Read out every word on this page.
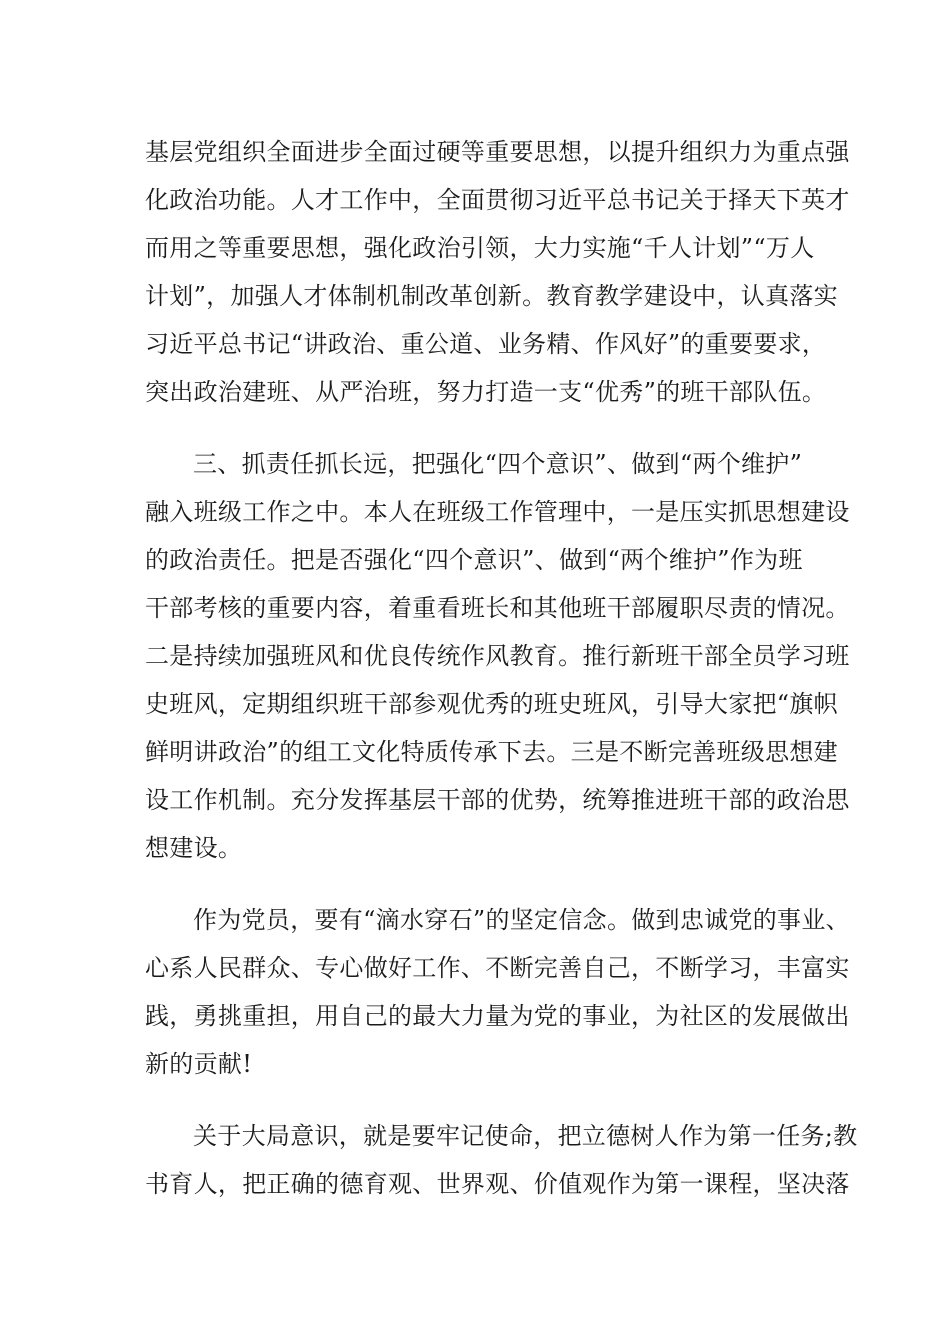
基层党组织全面进步全面过硬等重要思想，以提升组织力为重点强
化政治功能。人才工作中，全面贯彻习近平总书记关于择天下英才
而用之等重要思想，强化政治引领，大力实施“千人计划”“万人
计划”，加强人才体制机制改革创新。教育教学建设中，认真落实
习近平总书记“讲政治、重公道、业务精、作风好”的重要要求，
突出政治建班、从严治班，努力打造一支“优秀”的班干部队伍。
三、抓责任抓长远，把强化“四个意识”、做到“两个维护”
融入班级工作之中。本人在班级工作管理中，一是压实抓思想建设
的政治责任。把是否强化“四个意识”、做到“两个维护”作为班
干部考核的重要内容，着重看班长和其他班干部履职尽责的情况。
二是持续加强班风和优良传统作风教育。推行新班干部全员学习班
史班风，定期组织班干部参观优秀的班史班风，引导大家把“旗帜
鲜明讲政治”的组工文化特质传承下去。三是不断完善班级思想建
设工作机制。充分发挥基层干部的优势，统筹推进班干部的政治思
想建设。
作为党员，要有“滴水穿石”的坚定信念。做到忠诚党的事业、
心系人民群众、专心做好工作、不断完善自己，不断学习，丰富实
践，勇挑重担，用自己的最大力量为党的事业，为社区的发展做出
新的贡献!
关于大局意识，就是要牢记使命，把立德树人作为第一任务;教
书育人，把正确的德育观、世界观、价值观作为第一课程，坚决落
